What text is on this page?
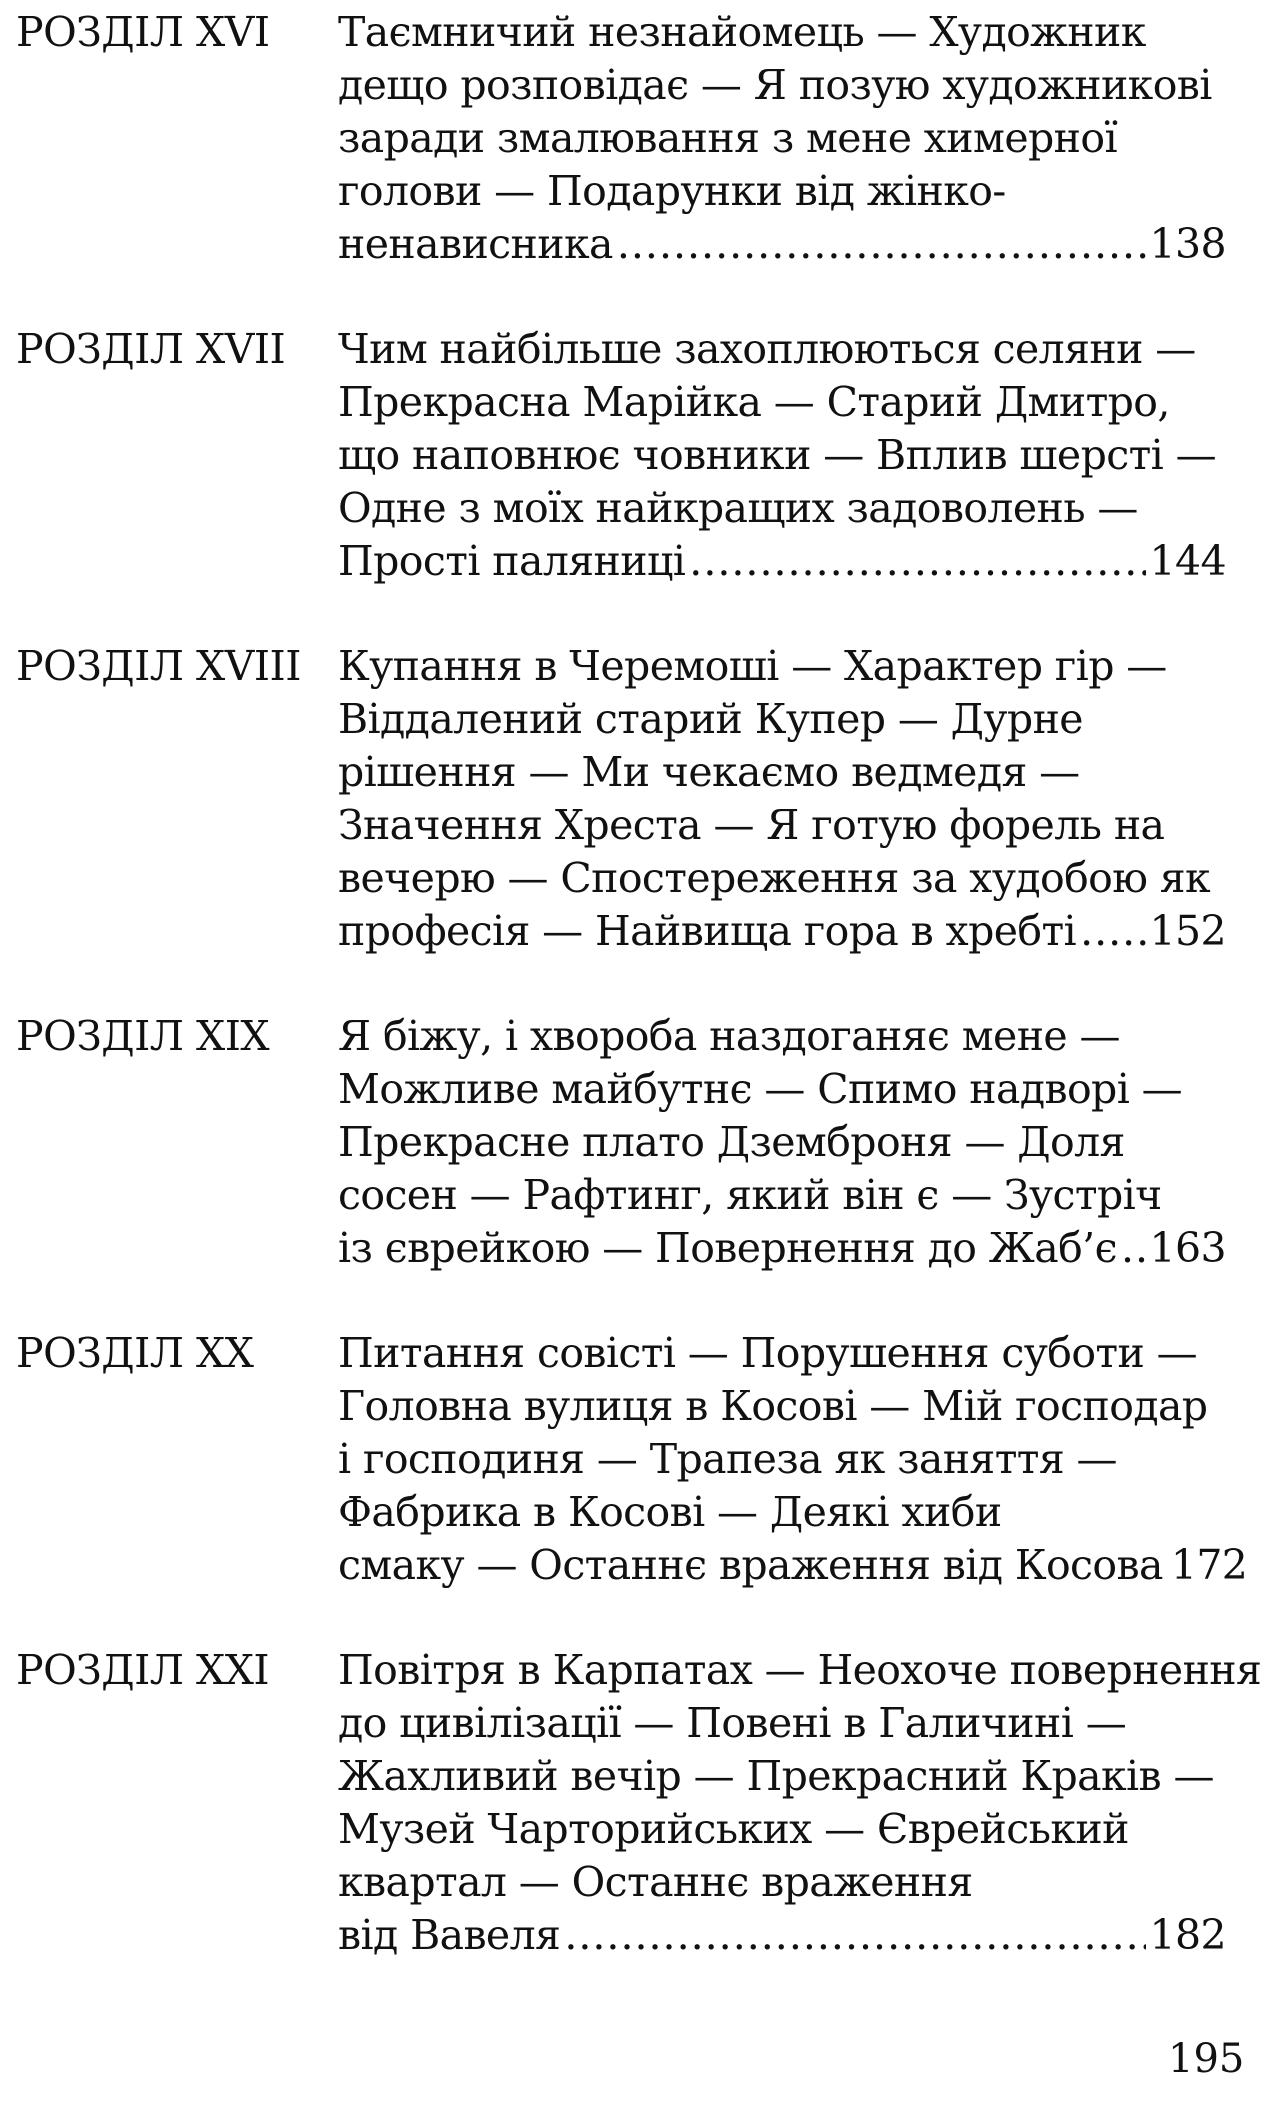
РОЗДІЛ XVI	Таємничий незнайомець — Художник
дещо розповідає — Я позую художникові
заради змалювання з мене химерної
голови — Подарунки від жінко-
ненависника .....	138
РОЗДІЛ XVII	Чим найбільше захоплюються селяни —
Прекрасна Марійка — Старий Дмитро,
що наповнює човники — Вплив шерсті —
Одне з моїх найкращих задоволень —
Прості паляниці .....	144
РОЗДІЛ XVIII Купання в Черемоші — Характер гір —
Віддалений старий Купер — Дурне
рішення — Ми чекаємо ведмедя —
Значення Хреста — Я готую форель на
вечерю — Спостереження за худобою як
професія — Найвища гора в хребті ..... 152
РОЗДІЛ XIX	Я біжу, і хвороба наздоганяє мене —
Можливе майбутнє — Спимо надворі —
Прекрасне плато Дземброня — Доля
сосен — Рафтинг, який він є — Зустріч
із єврейкою — Повернення до Жаб’є ..... 163
РОЗДІЛ XX	Питання совісті — Порушення суботи —
Головна вулиця в Косові — Мій господар
і господиня — Трапеза як заняття —
Фабрика в Косові — Деякі хиби
смаку — Останнє враження від Косова 172
РОЗДІЛ XXI	Повітря в Карпатах — Неохоче повернення
до цивілізації — Повені в Галичині —
Жахливий вечір — Прекрасний Краків —
Музей Чарторийських — Єврейський
квартал — Останнє враження
від Вавеля .....	182
195
